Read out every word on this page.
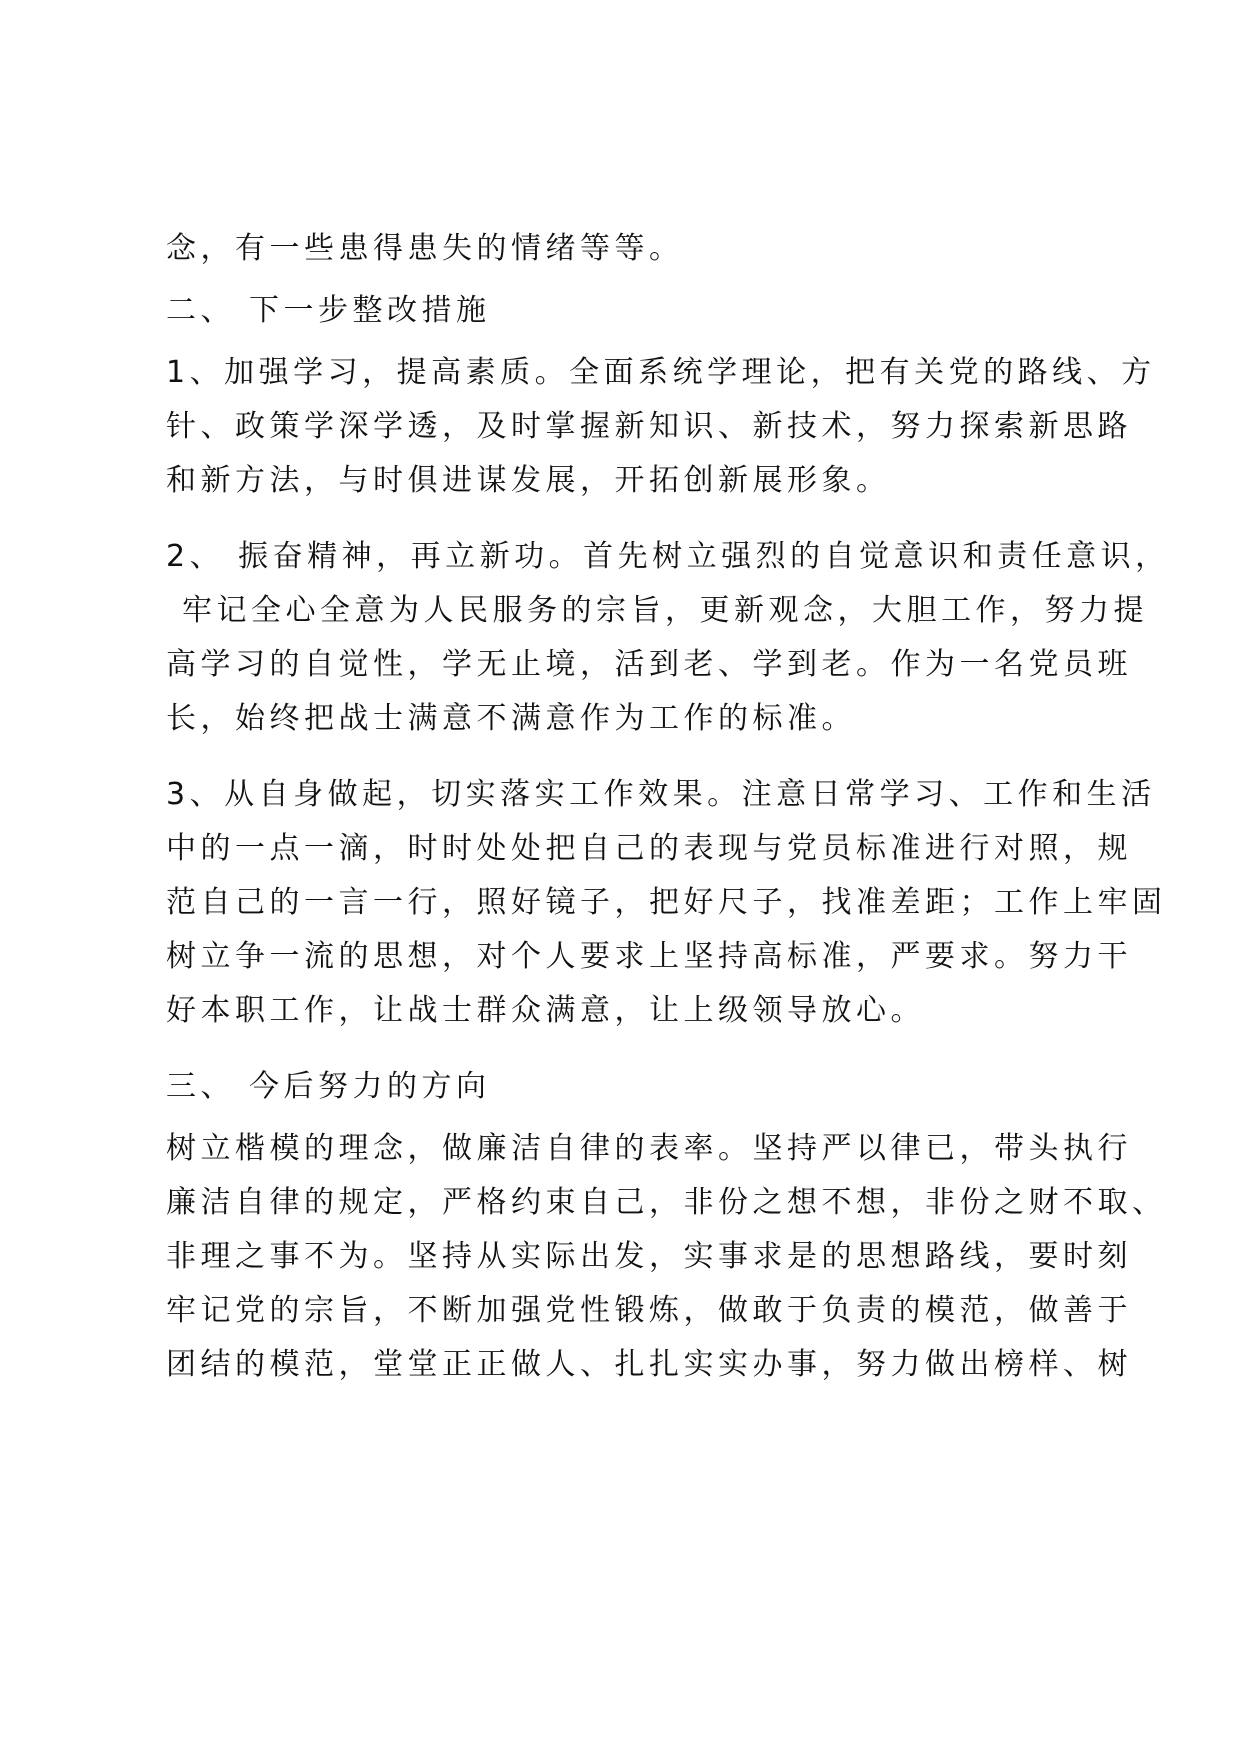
念，有一些患得患失的情绪等等。
二、 下一步整改措施
1、加强学习，提高素质。全面系统学理论，把有关党的路线、方
针、政策学深学透，及时掌握新知识、新技术，努力探索新思路
和新方法，与时俱进谋发展，开拓创新展形象。
2、 振奋精神，再立新功。首先树立强烈的自觉意识和责任意识，
牢记全心全意为人民服务的宗旨，更新观念，大胆工作，努力提
高学习的自觉性，学无止境，活到老、学到老。作为一名党员班
长，始终把战士满意不满意作为工作的标准。
3、从自身做起，切实落实工作效果。注意日常学习、工作和生活
中的一点一滴，时时处处把自己的表现与党员标准进行对照，规
范自己的一言一行，照好镜子，把好尺子，找准差距；工作上牢固
树立争一流的思想，对个人要求上坚持高标准，严要求。努力干
好本职工作，让战士群众满意，让上级领导放心。
三、 今后努力的方向
树立楷模的理念，做廉洁自律的表率。坚持严以律已，带头执行
廉洁自律的规定，严格约束自己，非份之想不想，非份之财不取、
非理之事不为。坚持从实际出发，实事求是的思想路线，要时刻
牢记党的宗旨，不断加强党性锻炼，做敢于负责的模范，做善于
团结的模范，堂堂正正做人、扎扎实实办事，努力做出榜样、树
